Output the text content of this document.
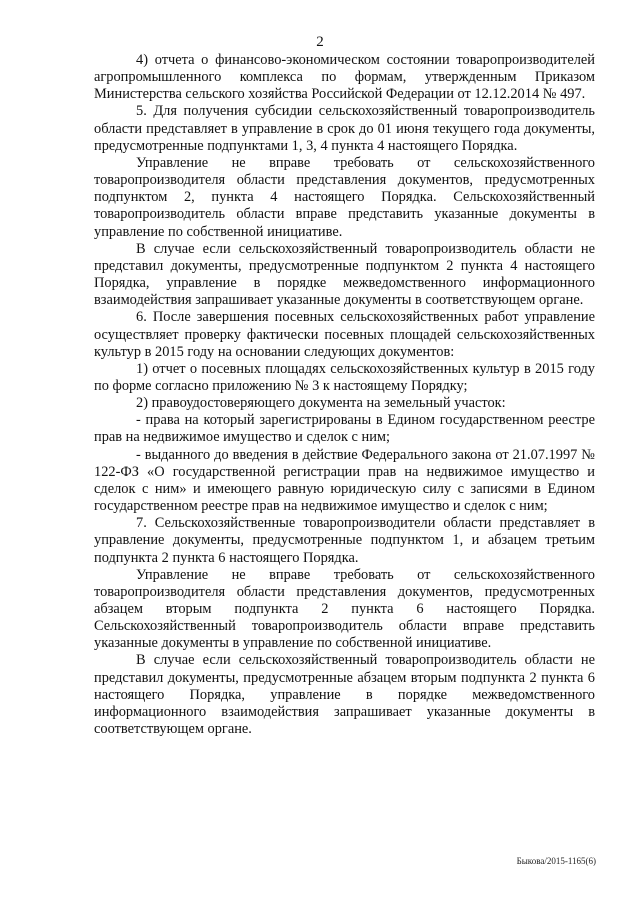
2

4) отчета о финансово-экономическом состоянии товаропроизводителей агропромышленного комплекса по формам, утвержденным Приказом Министерства сельского хозяйства Российской Федерации от 12.12.2014 № 497.

5. Для получения субсидии сельскохозяйственный товаропроизводитель области представляет в управление в срок до 01 июня текущего года документы, предусмотренные подпунктами 1, 3, 4 пункта 4 настоящего Порядка.

Управление не вправе требовать от сельскохозяйственного товаропроизводителя области представления документов, предусмотренных подпунктом 2, пункта 4 настоящего Порядка. Сельскохозяйственный товаропроизводитель области вправе представить указанные документы в управление по собственной инициативе.

В случае если сельскохозяйственный товаропроизводитель области не представил документы, предусмотренные подпунктом 2 пункта 4 настоящего Порядка, управление в порядке межведомственного информационного взаимодействия запрашивает указанные документы в соответствующем органе.

6. После завершения посевных сельскохозяйственных работ управление осуществляет проверку фактически посевных площадей сельскохозяйственных культур в 2015 году на основании следующих документов:

1) отчет о посевных площадях сельскохозяйственных культур в 2015 году по форме согласно приложению № 3 к настоящему Порядку;

2) правоудостоверяющего документа на земельный участок:

- права на который зарегистрированы в Едином государственном реестре прав на недвижимое имущество и сделок с ним;

- выданного до введения в действие Федерального закона от 21.07.1997 № 122-ФЗ «О государственной регистрации прав на недвижимое имущество и сделок с ним» и имеющего равную юридическую силу с записями в Едином государственном реестре прав на недвижимое имущество и сделок с ним;

7. Сельскохозяйственные товаропроизводители области представляет в управление документы, предусмотренные подпунктом 1, и абзацем третьим подпункта 2 пункта 6 настоящего Порядка.

Управление не вправе требовать от сельскохозяйственного товаропроизводителя области представления документов, предусмотренных абзацем вторым подпункта 2 пункта 6 настоящего Порядка. Сельскохозяйственный товаропроизводитель области вправе представить указанные документы в управление по собственной инициативе.

В случае если сельскохозяйственный товаропроизводитель области не представил документы, предусмотренные абзацем вторым подпункта 2 пункта 6 настоящего Порядка, управление в порядке межведомственного информационного взаимодействия запрашивает указанные документы в соответствующем органе.

Быкова/2015-1165(6)
